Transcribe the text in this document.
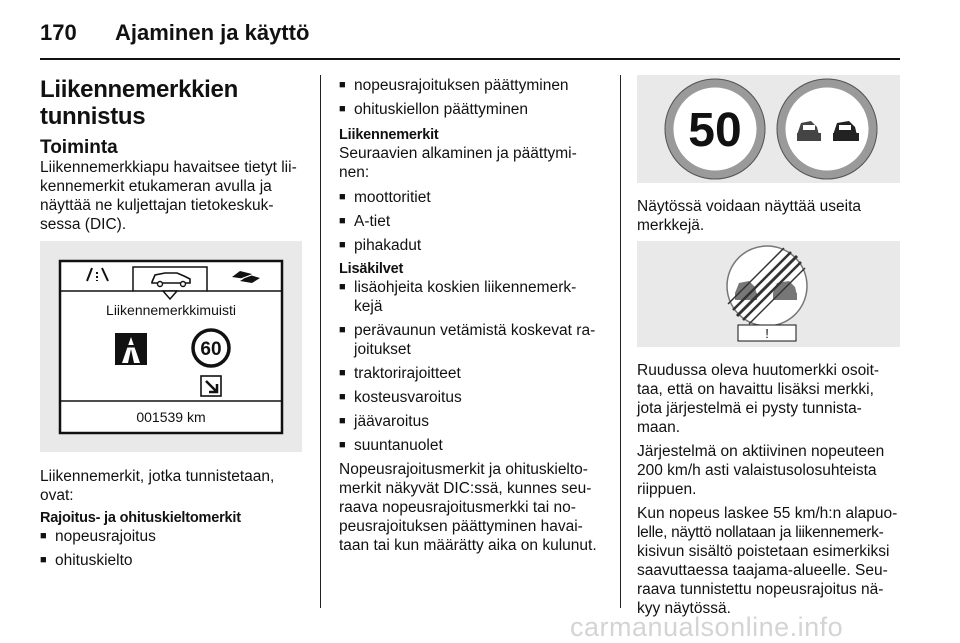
170 Ajaminen ja käyttö
Liikennemerkkien
tunnistus
Toiminta
Liikennemerkkiapu havaitsee tietyt lii-
kennemerkit etukameran avulla ja
näyttää ne kuljettajan tietokeskuk-
sessa (DIC).
Liikennemerkkimuisti
60
001539 km
Liikennemerkit, jotka tunnistetaan,
ovat:
Rajoitus- ja ohituskieltomerkit
■ nopeusrajoitus
■ ohituskielto
■ nopeusrajoituksen päättyminen
■ ohituskiellon päättyminen
Liikennemerkit
Seuraavien alkaminen ja päättymi-
nen:
■ moottoritiet
■ A-tiet
■ pihakadut
Lisäkilvet
■ lisäohjeita koskien liikennemerk-
kejä
■ perävaunun vetämistä koskevat ra-
joitukset
■ traktorirajoitteet
■ kosteusvaroitus
■ jäävaroitus
■ suuntanuolet
Nopeusrajoitusmerkit ja ohituskielto-
merkit näkyvät DIC:ssä, kunnes seu-
raava nopeusrajoitusmerkki tai no-
peusrajoituksen päättyminen havai-
taan tai kun määrätty aika on kulunut.
50
Näytössä voidaan näyttää useita
merkkejä.
!
Ruudussa oleva huutomerkki osoit-
taa, että on havaittu lisäksi merkki,
jota järjestelmä ei pysty tunnista-
maan.
Järjestelmä on aktiivinen nopeuteen
200 km/h asti valaistusolosuhteista
riippuen.
Kun nopeus laskee 55 km/h:n alapuo-
lelle, näyttö nollataan ja liikennemerk-
kisivun sisältö poistetaan esimerkiksi
saavuttaessa taajama-alueelle. Seu-
raava tunnistettu nopeusrajoitus nä-
kyy näytössä.
carmanualsonline.info
